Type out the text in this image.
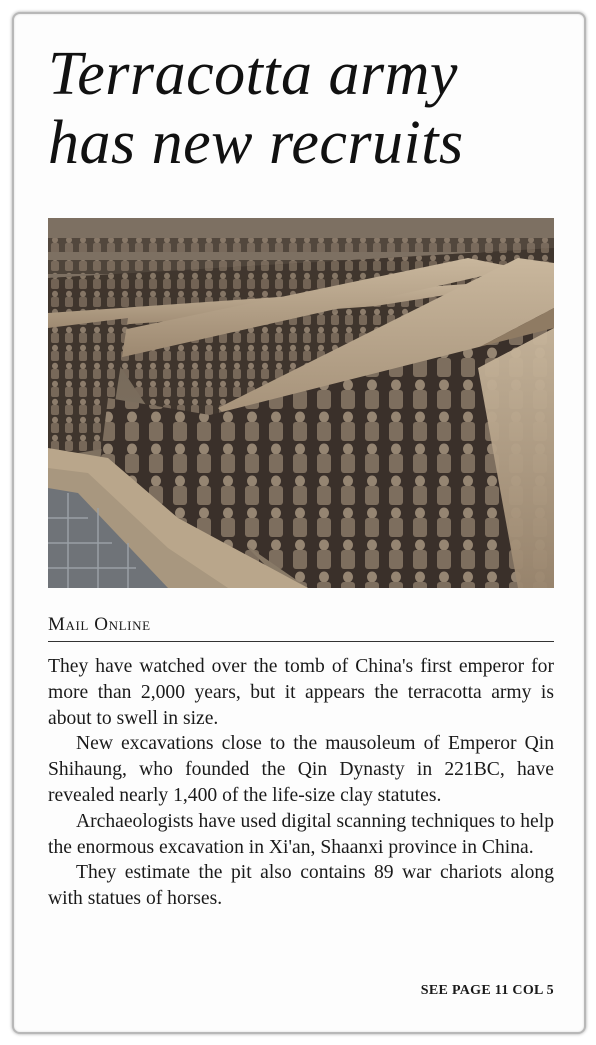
Terracotta army
has new recruits
Mail Online

They have watched over the tomb of China's first emperor for more than 2,000 years, but it appears the terracotta army is about to swell in size.

New excavations close to the mausoleum of Emperor Qin Shihaung, who founded the Qin Dynasty in 221BC, have revealed nearly 1,400 of the life-size clay statutes.

Archaeologists have used digital scanning techniques to help the enormous excavation in Xi'an, Shaanxi province in China.

They estimate the pit also contains 89 war chariots along with statues of horses.

SEE PAGE 11 COL 5
